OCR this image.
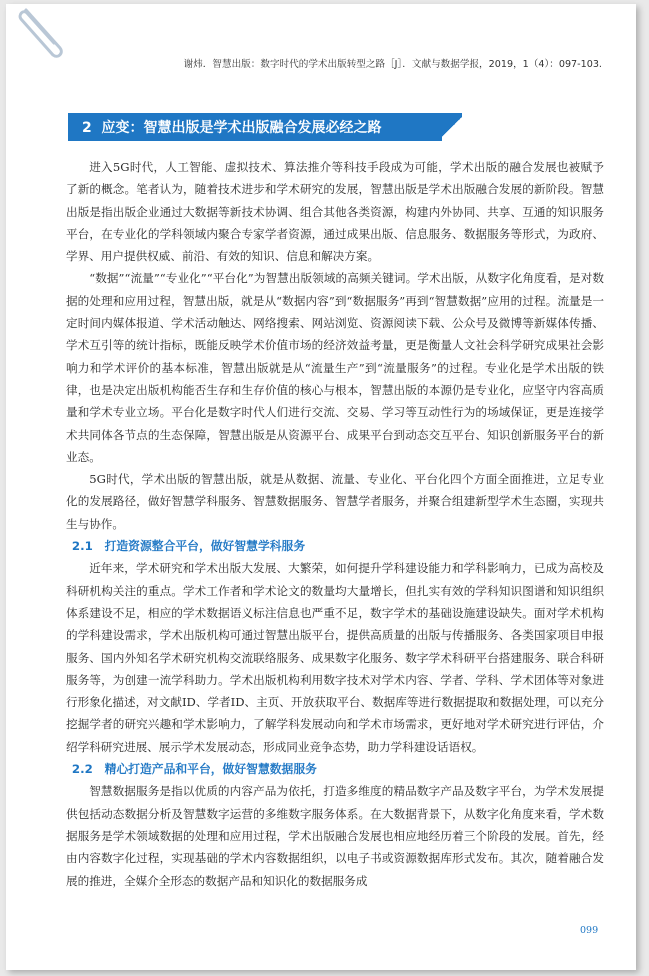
谢炜．智慧出版：数字时代的学术出版转型之路［J］．文献与数据学报，2019，1（4）：097-103.
2 应变：智慧出版是学术出版融合发展必经之路

进入5G时代，人工智能、虚拟技术、算法推介等科技手段成为可能，学术出版的融合发展也被赋予了新的概念。笔者认为，随着技术进步和学术研究的发展，智慧出版是学术出版融合发展的新阶段。智慧出版是指出版企业通过大数据等新技术协调、组合其他各类资源，构建内外协同、共享、互通的知识服务平台，在专业化的学科领域内聚合专家学者资源，通过成果出版、信息服务、数据服务等形式，为政府、学界、用户提供权威、前沿、有效的知识、信息和解决方案。

“数据”“流量”“专业化”“平台化”为智慧出版领域的高频关键词。学术出版，从数字化角度看，是对数据的处理和应用过程，智慧出版，就是从“数据内容”到“数据服务”再到“智慧数据”应用的过程。流量是一定时间内媒体报道、学术活动触达、网络搜索、网站浏览、资源阅读下载、公众号及微博等新媒体传播、学术互引等的统计指标，既能反映学术价值市场的经济效益考量，更是衡量人文社会科学研究成果社会影响力和学术评价的基本标准，智慧出版就是从“流量生产”到“流量服务”的过程。专业化是学术出版的铁律，也是决定出版机构能否生存和生存价值的核心与根本，智慧出版的本源仍是专业化，应坚守内容高质量和学术专业立场。平台化是数字时代人们进行交流、交易、学习等互动性行为的场域保证，更是连接学术共同体各节点的生态保障，智慧出版是从资源平台、成果平台到动态交互平台、知识创新服务平台的新业态。

5G时代，学术出版的智慧出版，就是从数据、流量、专业化、平台化四个方面全面推进，立足专业化的发展路径，做好智慧学科服务、智慧数据服务、智慧学者服务，并聚合组建新型学术生态圈，实现共生与协作。

2.1　打造资源整合平台，做好智慧学科服务

近年来，学术研究和学术出版大发展、大繁荣，如何提升学科建设能力和学科影响力，已成为高校及科研机构关注的重点。学术工作者和学术论文的数量均大量增长，但扎实有效的学科知识图谱和知识组织体系建设不足，相应的学术数据语义标注信息也严重不足，数字学术的基础设施建设缺失。面对学术机构的学科建设需求，学术出版机构可通过智慧出版平台，提供高质量的出版与传播服务、各类国家项目申报服务、国内外知名学术研究机构交流联络服务、成果数字化服务、数字学术科研平台搭建服务、联合科研服务等，为创建一流学科助力。学术出版机构利用数字技术对学术内容、学者、学科、学术团体等对象进行形象化描述，对文献ID、学者ID、主页、开放获取平台、数据库等进行数据提取和数据处理，可以充分挖掘学者的研究兴趣和学术影响力，了解学科发展动向和学术市场需求，更好地对学术研究进行评估，介绍学科研究进展、展示学术发展动态，形成同业竞争态势，助力学科建设话语权。

2.2　精心打造产品和平台，做好智慧数据服务

智慧数据服务是指以优质的内容产品为依托，打造多维度的精品数字产品及数字平台，为学术发展提供包括动态数据分析及智慧数字运营的多维数字服务体系。在大数据背景下，从数字化角度来看，学术数据服务是学术领域数据的处理和应用过程，学术出版融合发展也相应地经历着三个阶段的发展。首先，经由内容数字化过程，实现基础的学术内容数据组织，以电子书或资源数据库形式发布。其次，随着融合发展的推进，全媒介全形态的数据产品和知识化的数据服务成

099
